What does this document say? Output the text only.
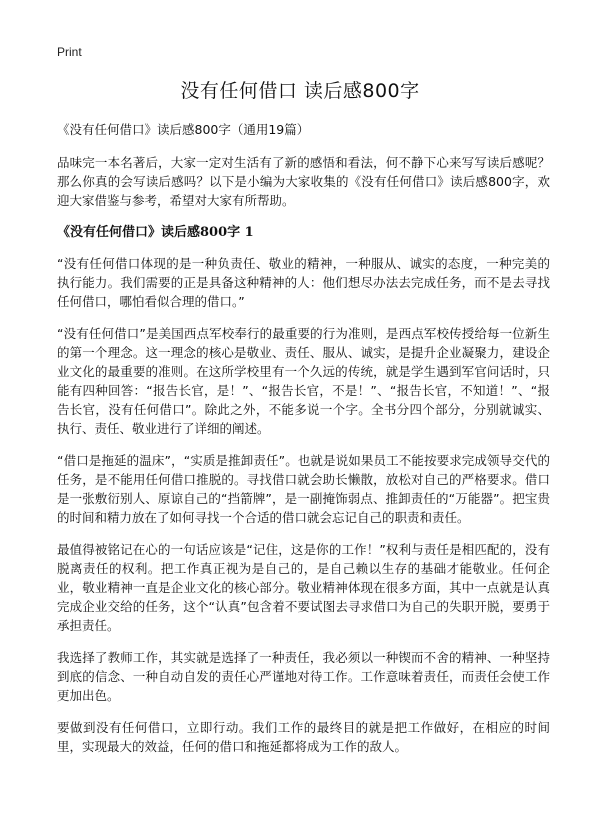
Print
没有任何借口 读后感800字

《没有任何借口》读后感800字（通用19篇）

品味完一本名著后，大家一定对生活有了新的感悟和看法，何不静下心来写写读后感呢？那么你真的会写读后感吗？以下是小编为大家收集的《没有任何借口》读后感800字，欢迎大家借鉴与参考，希望对大家有所帮助。

《没有任何借口》读后感800字 1

“没有任何借口体现的是一种负责任、敬业的精神，一种服从、诚实的态度，一种完美的执行能力。我们需要的正是具备这种精神的人：他们想尽办法去完成任务，而不是去寻找任何借口，哪怕看似合理的借口。”

“没有任何借口”是美国西点军校奉行的最重要的行为准则，是西点军校传授给每一位新生的第一个理念。这一理念的核心是敬业、责任、服从、诚实，是提升企业凝聚力，建设企业文化的最重要的准则。在这所学校里有一个久远的传统，就是学生遇到军官问话时，只能有四种回答：“报告长官，是！”、“报告长官，不是！”、“报告长官，不知道！”、“报告长官，没有任何借口”。除此之外，不能多说一个字。全书分四个部分，分别就诚实、执行、责任、敬业进行了详细的阐述。

“借口是拖延的温床”，“实质是推卸责任”。也就是说如果员工不能按要求完成领导交代的任务，是不能用任何借口推脱的。寻找借口就会助长懒散，放松对自己的严格要求。借口是一张敷衍别人、原谅自己的“挡箭牌”，是一副掩饰弱点、推卸责任的“万能器”。把宝贵的时间和精力放在了如何寻找一个合适的借口就会忘记自己的职责和责任。

最值得被铭记在心的一句话应该是“记住，这是你的工作！”权利与责任是相匹配的，没有脱离责任的权利。把工作真正视为是自己的，是自己赖以生存的基础才能敬业。任何企业，敬业精神一直是企业文化的核心部分。敬业精神体现在很多方面，其中一点就是认真完成企业交给的任务，这个“认真”包含着不要试图去寻求借口为自己的失职开脱，要勇于承担责任。

我选择了教师工作，其实就是选择了一种责任，我必须以一种锲而不舍的精神、一种坚持到底的信念、一种自动自发的责任心严谨地对待工作。工作意味着责任，而责任会使工作更加出色。

要做到没有任何借口，立即行动。我们工作的最终目的就是把工作做好，在相应的时间里，实现最大的效益，任何的借口和拖延都将成为工作的敌人。
